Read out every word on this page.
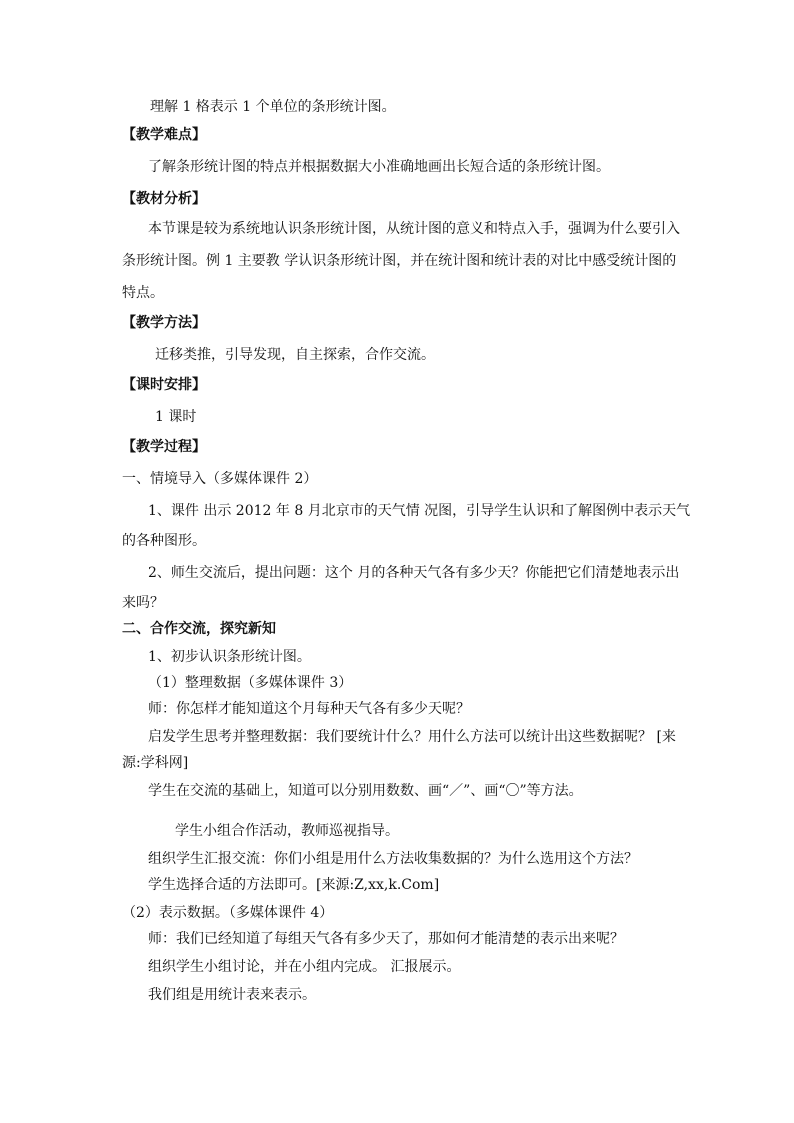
理解 1 格表示 1 个单位的条形统计图。
【教学难点】
了解条形统计图的特点并根据数据大小准确地画出长短合适的条形统计图。
【教材分析】
本节课是较为系统地认识条形统计图，从统计图的意义和特点入手，强调为什么要引入
条形统计图。例 1 主要教 学认识条形统计图，并在统计图和统计表的对比中感受统计图的
特点。
【教学方法】
迁移类推，引导发现，自主探索，合作交流。
【课时安排】
1 课时
【教学过程】
一、情境导入（多媒体课件 2）
1、课件 出示 2012 年 8 月北京市的天气情 况图，引导学生认识和了解图例中表示天气
的各种图形。
2、师生交流后，提出问题：这个 月的各种天气各有多少天？你能把它们清楚地表示出
来吗？
二、合作交流，探究新知
1、初步认识条形统计图。
（1）整理数据（多媒体课件 3）
师：你怎样才能知道这个月每种天气各有多少天呢？
启发学生思考并整理数据：我们要统计什么？用什么方法可以统计出这些数据呢？ [来
源:学科网]
学生在交流的基础上，知道可以分别用数数、画“／”、画“〇”等方法。
学生小组合作活动，教师巡视指导。
组织学生汇报交流：你们小组是用什么方法收集数据的？为什么选用这个方法？
学生选择合适的方法即可。[来源:Z,xx,k.Com]
（2）表示数据。（多媒体课件 4）
师：我们已经知道了每组天气各有多少天了，那如何才能清楚的表示出来呢？
组织学生小组讨论，并在小组内完成。 汇报展示。
我们组是用统计表来表示。
